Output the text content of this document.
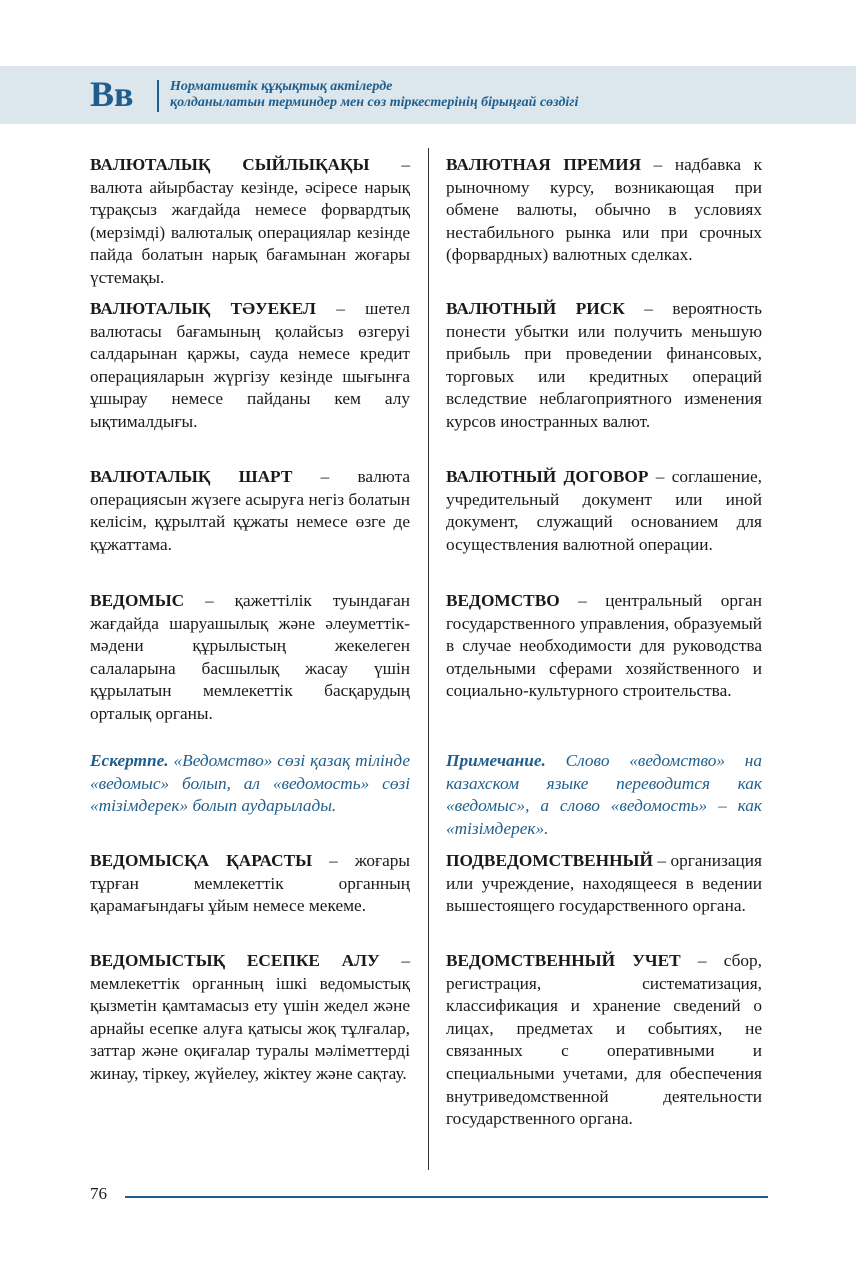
Вв	Нормативтік құқықтық актілерде
қолданылатын терминдер мен сөз тіркестерінің бірыңғай сөздігі
ВАЛЮТАЛЫҚ СЫЙЛЫҚАҚЫ – валюта айырбастау кезінде, әсіресе нарық тұрақсыз жағдайда немесе форвардтық (мерзімді) валюталық операциялар кезінде пайда болатын нарық бағамынан жоғары үстемақы.
ВАЛЮТАЛЫҚ ТӘУЕКЕЛ – шетел валютасы бағамының қолайсыз өзгеруі салдарынан қаржы, сауда немесе кредит операцияларын жүргізу кезінде шығынға ұшырау немесе пайданы кем алу ықтималдығы.
ВАЛЮТАЛЫҚ ШАРТ – валюта операциясын жүзеге асыруға негіз болатын келісім, құрылтай құжаты немесе өзге де құжаттама.
ВЕДОМЫС – қажеттілік туындаған жағдайда шаруашылық және әлеуметтік-мәдени құрылыстың жекелеген салаларына басшылық жасау үшін құрылатын мемлекеттік басқарудың орталық органы.
Ескертпе. «Ведомство» сөзі қазақ тілінде «ведомыс» болып, ал «ведомость» сөзі «тізімдерек» болып аударылады.
ВЕДОМЫСҚА ҚАРАСТЫ – жоғары тұрған мемлекеттік органның қарамағындағы ұйым немесе мекеме.
ВЕДОМЫСТЫҚ ЕСЕПКЕ АЛУ – мемлекеттік органның ішкі ведомыстық қызметін қамтамасыз ету үшін жедел және арнайы есепке алуға қатысы жоқ тұлғалар, заттар және оқиғалар туралы мәліметтерді жинау, тіркеу, жүйелеу, жіктеу және сақтау.
ВАЛЮТНАЯ ПРЕМИЯ – надбавка к рыночному курсу, возникающая при обмене валюты, обычно в условиях нестабильного рынка или при срочных (форвардных) валютных сделках.
ВАЛЮТНЫЙ РИСК – вероятность понести убытки или получить меньшую прибыль при проведении финансовых, торговых или кредитных операций вследствие неблагоприятного изменения курсов иностранных валют.
ВАЛЮТНЫЙ ДОГОВОР – соглашение, учредительный документ или иной документ, служащий основанием для осуществления валютной операции.
ВЕДОМСТВО – центральный орган государственного управления, образуемый в случае необходимости для руководства отдельными сферами хозяйственного и социально-культурного строительства.
Примечание. Слово «ведомство» на казахском языке переводится как «ведомыс», а слово «ведомость» – как «тізімдерек».
ПОДВЕДОМСТВЕННЫЙ – организация или учреждение, находящееся в ведении вышестоящего государственного органа.
ВЕДОМСТВЕННЫЙ УЧЕТ – сбор, регистрация, систематизация, классификация и хранение сведений о лицах, предметах и событиях, не связанных с оперативными и специальными учетами, для обеспечения внутриведомственной деятельности государственного органа.
76
